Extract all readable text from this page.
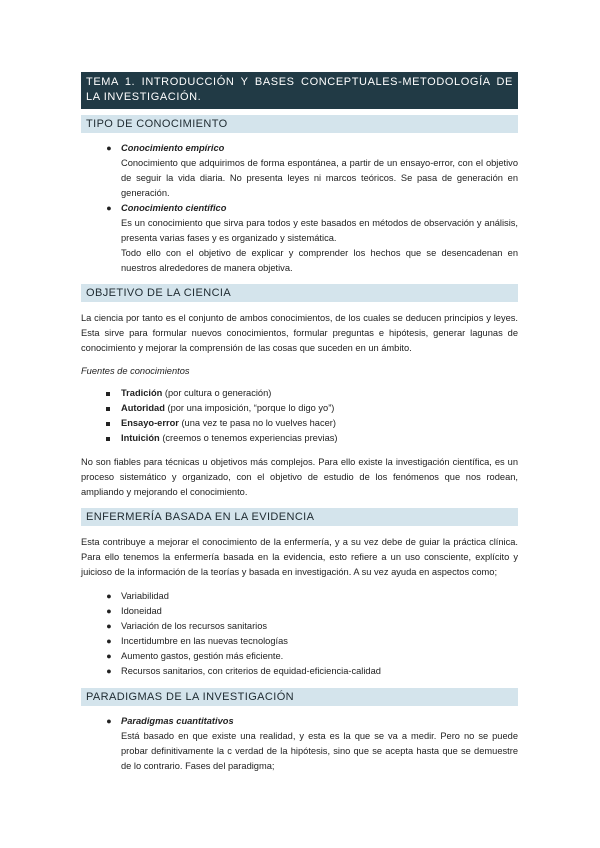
TEMA 1. INTRODUCCIÓN Y BASES CONCEPTUALES-METODOLOGÍA DE LA INVESTIGACIÓN.
TIPO DE CONOCIMIENTO
● Conocimiento empírico

Conocimiento que adquirimos de forma espontánea, a partir de un ensayo-error, con el objetivo de seguir la vida diaria. No presenta leyes ni marcos teóricos. Se pasa de generación en generación.

● Conocimiento científico

Es un conocimiento que sirva para todos y este basados en métodos de observación y análisis, presenta varias fases y es organizado y sistemática.

Todo ello con el objetivo de explicar y comprender los hechos que se desencadenan en nuestros alrededores de manera objetiva.

OBJETIVO DE LA CIENCIA

La ciencia por tanto es el conjunto de ambos conocimientos, de los cuales se deducen principios y leyes. Esta sirve para formular nuevos conocimientos, formular preguntas e hipótesis, generar lagunas de conocimiento y mejorar la comprensión de las cosas que suceden en un ámbito.

Fuentes de conocimientos
Tradición (por cultura o generación)
Autoridad (por una imposición, “porque lo digo yo”)
Ensayo-error (una vez te pasa no lo vuelves hacer)
Intuición (creemos o tenemos experiencias previas)

No son fiables para técnicas u objetivos más complejos. Para ello existe la investigación científica, es un proceso sistemático y organizado, con el objetivo de estudio de los fenómenos que nos rodean, ampliando y mejorando el conocimiento.

ENFERMERÍA BASADA EN LA EVIDENCIA

Esta contribuye a mejorar el conocimiento de la enfermería, y a su vez debe de guiar la práctica clínica. Para ello tenemos la enfermería basada en la evidencia, esto refiere a un uso consciente, explícito y juicioso de la información de la teorías y basada en investigación. A su vez ayuda en aspectos como;

● Variabilidad
● Idoneidad
● Variación de los recursos sanitarios
● Incertidumbre en las nuevas tecnologías
● Aumento gastos, gestión más eficiente.
● Recursos sanitarios, con criterios de equidad-eficiencia-calidad
PARADIGMAS DE LA INVESTIGACIÓN
● Paradigmas cuantitativos

Está basado en que existe una realidad, y esta es la que se va a medir. Pero no se puede probar definitivamente la c verdad de la hipótesis, sino que se acepta hasta que se demuestre de lo contrario. Fases del paradigma;
